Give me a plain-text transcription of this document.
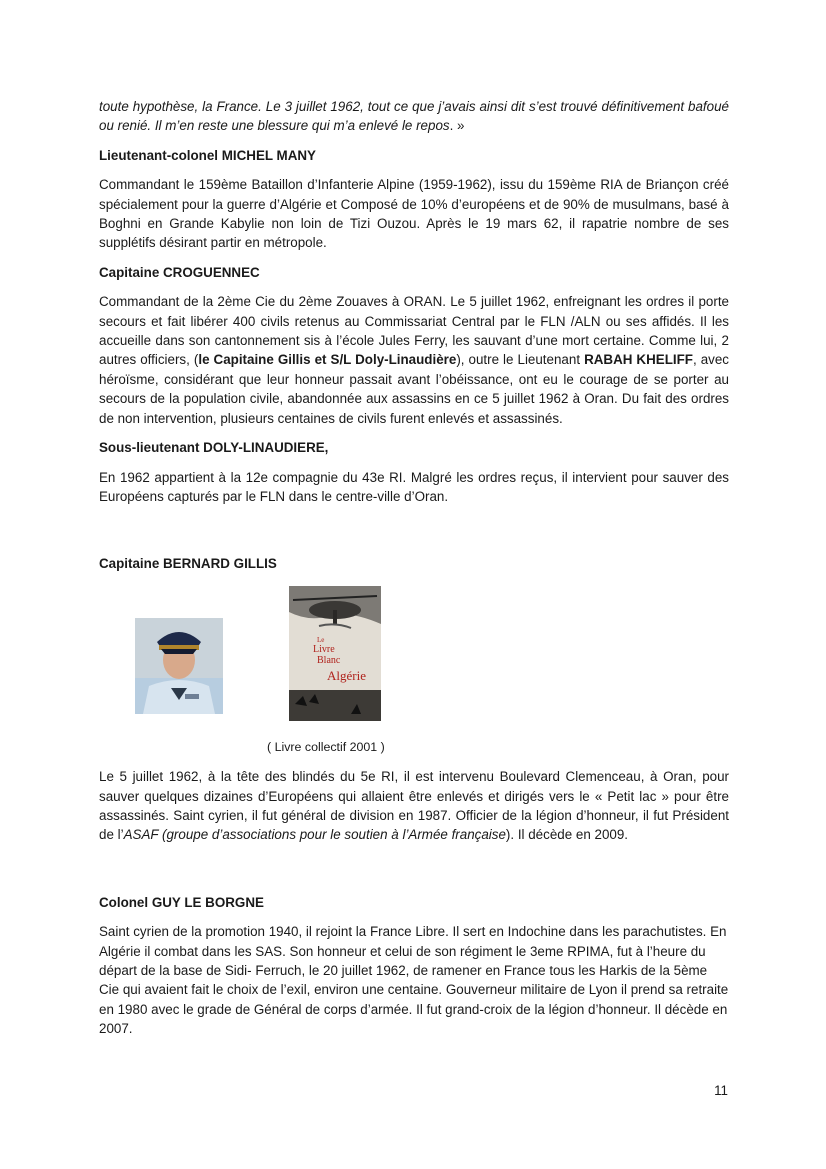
toute hypothèse, la France. Le 3 juillet 1962, tout ce que j’avais ainsi dit s’est trouvé définitivement bafoué ou renié. Il m’en reste une blessure qui m’a enlevé le repos. »

Lieutenant-colonel MICHEL MANY

Commandant le 159ème Bataillon d’Infanterie Alpine (1959-1962), issu du 159ème RIA de Briançon créé spécialement pour la guerre d’Algérie et Composé de 10% d’européens et de 90% de musulmans, basé à Boghni en Grande Kabylie non loin de Tizi Ouzou. Après le 19 mars 62, il rapatrie nombre de ses supplétifs désirant partir en métropole.

Capitaine CROGUENNEC

Commandant de la 2ème Cie du 2ème Zouaves à ORAN. Le 5 juillet 1962, enfreignant les ordres il porte secours et fait libérer 400 civils retenus au Commissariat Central par le FLN /ALN ou ses affidés. Il les accueille dans son cantonnement sis à l’école Jules Ferry, les sauvant d’une mort certaine. Comme lui, 2 autres officiers, (le Capitaine Gillis et S/L Doly-Linaudière), outre le Lieutenant RABAH KHELIFF, avec héroïsme, considérant que leur honneur passait avant l’obéissance, ont eu le courage de se porter au secours de la population civile, abandonnée aux assassins en ce 5 juillet 1962 à Oran. Du fait des ordres de non intervention, plusieurs centaines de civils furent enlevés et assassinés.

Sous-lieutenant DOLY-LINAUDIERE,

En 1962 appartient à la 12e compagnie du 43e RI. Malgré les ordres reçus, il intervient pour sauver des Européens capturés par le FLN dans le centre-ville d’Oran.

Capitaine BERNARD GILLIS

Le
Livre
Blanc
Algérie

( Livre collectif 2001 )

Le 5 juillet 1962, à la tête des blindés du 5e RI, il est intervenu Boulevard Clemenceau, à Oran, pour sauver quelques dizaines d’Européens qui allaient être enlevés et dirigés vers le « Petit lac » pour être assassinés. Saint cyrien, il fut général de division en 1987. Officier de la légion d’honneur, il fut Président de l’ASAF (groupe d’associations pour le soutien à l’Armée française). Il décède en 2009.

Colonel GUY LE BORGNE

Saint cyrien de la promotion 1940, il rejoint la France Libre. Il sert en Indochine dans les parachutistes. En Algérie il combat dans les SAS. Son honneur et celui de son régiment le 3eme RPIMA, fut à l’heure du départ de la base de Sidi- Ferruch, le 20 juillet 1962, de ramener en France tous les Harkis de la 5ème Cie qui avaient fait le choix de l’exil, environ une centaine. Gouverneur militaire de Lyon il prend sa retraite en 1980 avec le grade de Général de corps d’armée. Il fut grand-croix de la légion d’honneur. Il décède en 2007.

11
